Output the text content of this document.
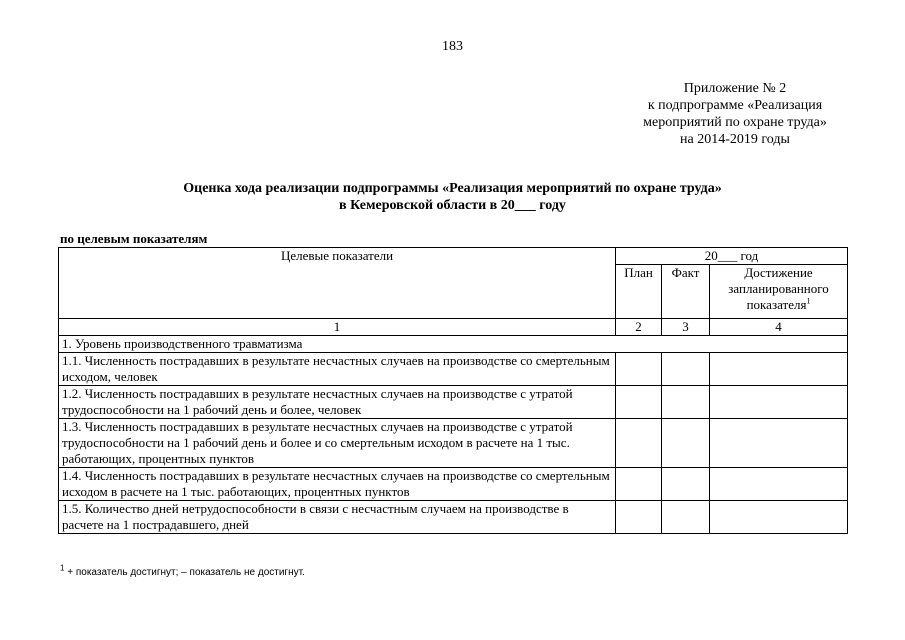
183
Приложение № 2
к подпрограмме «Реализация
мероприятий по охране труда»
на 2014-2019 годы
Оценка хода реализации подпрограммы «Реализация мероприятий по охране труда»
в Кемеровской области в 20___ году
по целевым показателям
Целевые показатели	20___ год		
	План	Факт	Достижение запланированного показателя$^1$
1	2	3	4
1. Уровень производственного травматизма			
1.1. Численность пострадавших в результате несчастных случаев на производстве со смертельным исходом, человек			
1.2. Численность пострадавших в результате несчастных случаев на производстве с утратой трудоспособности на 1 рабочий день и более, человек			
1.3. Численность пострадавших в результате несчастных случаев на производстве с утратой трудоспособности на 1 рабочий день и более и со смертельным исходом в расчете на 1 тыс. работающих, процентных пунктов			
1.4. Численность пострадавших в результате несчастных случаев на производстве со смертельным исходом в расчете на 1 тыс. работающих, процентных пунктов			
1.5. Количество дней нетрудоспособности в связи с несчастным случаем на производстве в расчете на 1 пострадавшего, дней			
$^1$ + показатель достигнут; – показатель не достигнут.
